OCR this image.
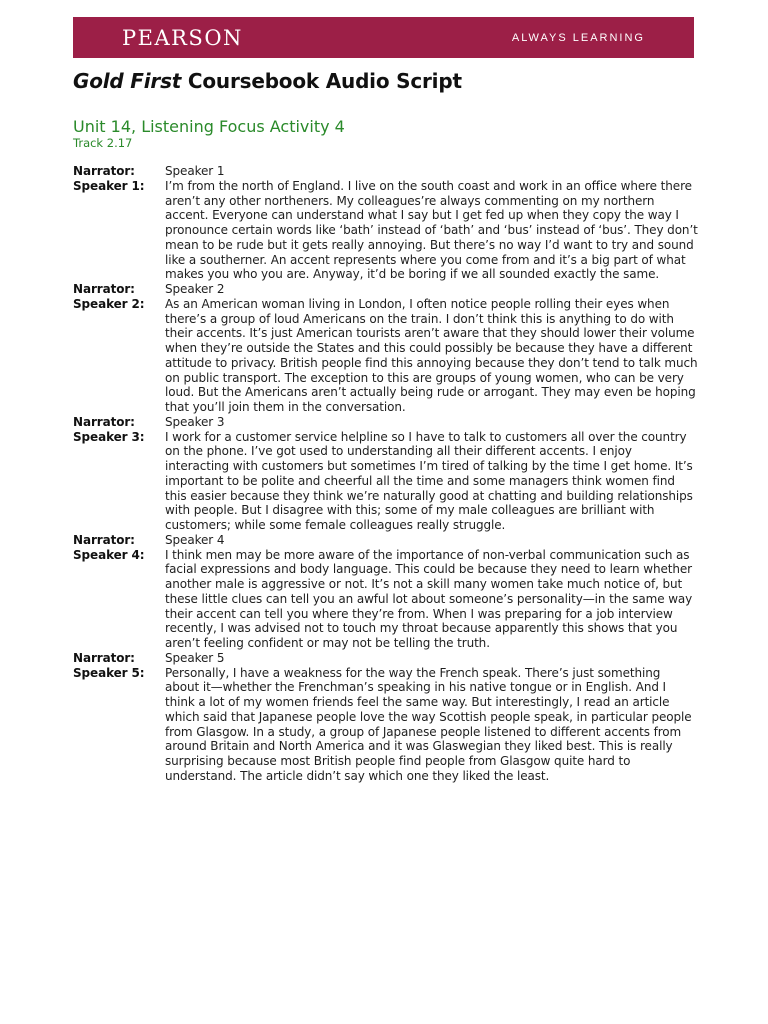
PEARSON	ALWAYS LEARNING
Gold First Coursebook Audio Script
Unit 14, Listening Focus Activity 4
Track 2.17
Narrator:	Speaker 1
Speaker 1:	I’m from the north of England. I live on the south coast and work in an office where there aren’t any other northeners. My colleagues’re always commenting on my northern accent. Everyone can understand what I say but I get fed up when they copy the way I pronounce certain words like ‘bath’ instead of ‘bath’ and ‘bus’ instead of ‘bus’. They don’t mean to be rude but it gets really annoying. But there’s no way I’d want to try and sound like a southerner. An accent represents where you come from and it’s a big part of what makes you who you are. Anyway, it’d be boring if we all sounded exactly the same.
Narrator:	Speaker 2
Speaker 2:	As an American woman living in London, I often notice people rolling their eyes when there’s a group of loud Americans on the train. I don’t think this is anything to do with their accents. It’s just American tourists aren’t aware that they should lower their volume when they’re outside the States and this could possibly be because they have a different attitude to privacy. British people find this annoying because they don’t tend to talk much on public transport. The exception to this are groups of young women, who can be very loud. But the Americans aren’t actually being rude or arrogant. They may even be hoping that you’ll join them in the conversation.
Narrator:	Speaker 3
Speaker 3:	I work for a customer service helpline so I have to talk to customers all over the country on the phone. I’ve got used to understanding all their different accents. I enjoy interacting with customers but sometimes I’m tired of talking by the time I get home. It’s important to be polite and cheerful all the time and some managers think women find this easier because they think we’re naturally good at chatting and building relationships with people. But I disagree with this; some of my male colleagues are brilliant with customers; while some female colleagues really struggle.
Narrator:	Speaker 4
Speaker 4:	I think men may be more aware of the importance of non-verbal communication such as facial expressions and body language. This could be because they need to learn whether another male is aggressive or not. It’s not a skill many women take much notice of, but these little clues can tell you an awful lot about someone’s personality—in the same way their accent can tell you where they’re from. When I was preparing for a job interview recently, I was advised not to touch my throat because apparently this shows that you aren’t feeling confident or may not be telling the truth.
Narrator:	Speaker 5
Speaker 5:	Personally, I have a weakness for the way the French speak. There’s just something about it—whether the Frenchman’s speaking in his native tongue or in English. And I think a lot of my women friends feel the same way. But interestingly, I read an article which said that Japanese people love the way Scottish people speak, in particular people from Glasgow. In a study, a group of Japanese people listened to different accents from around Britain and North America and it was Glaswegian they liked best. This is really surprising because most British people find people from Glasgow quite hard to understand. The article didn’t say which one they liked the least.
